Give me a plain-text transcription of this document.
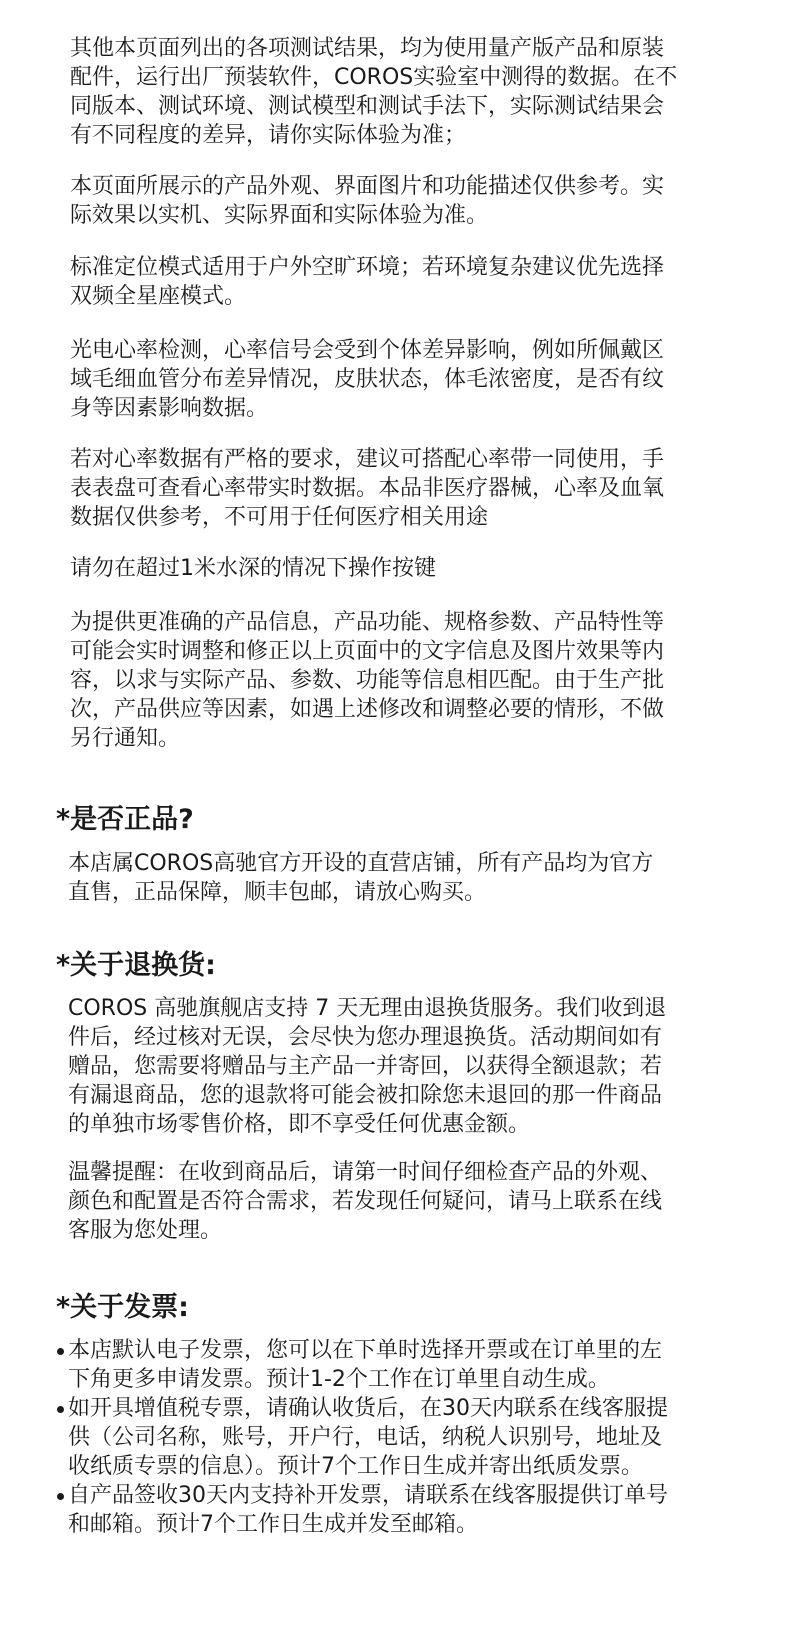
其他本页面列出的各项测试结果，均为使用量产版产品和原装
配件，运行出厂预装软件，COROS实验室中测得的数据。在不
同版本、测试环境、测试模型和测试手法下，实际测试结果会
有不同程度的差异，请你实际体验为准；

本页面所展示的产品外观、界面图片和功能描述仅供参考。实
际效果以实机、实际界面和实际体验为准。

标准定位模式适用于户外空旷环境；若环境复杂建议优先选择
双频全星座模式。

光电心率检测，心率信号会受到个体差异影响，例如所佩戴区
域毛细血管分布差异情况，皮肤状态，体毛浓密度，是否有纹
身等因素影响数据。

若对心率数据有严格的要求，建议可搭配心率带一同使用，手
表表盘可查看心率带实时数据。本品非医疗器械，心率及血氧
数据仅供参考，不可用于任何医疗相关用途

请勿在超过1米水深的情况下操作按键

为提供更准确的产品信息，产品功能、规格参数、产品特性等
可能会实时调整和修正以上页面中的文字信息及图片效果等内
容，以求与实际产品、参数、功能等信息相匹配。由于生产批
次，产品供应等因素，如遇上述修改和调整必要的情形，不做
另行通知。

*是否正品?

本店属COROS高驰官方开设的直营店铺，所有产品均为官方
直售，正品保障，顺丰包邮，请放心购买。

*关于退换货:

COROS 高驰旗舰店支持 7 天无理由退换货服务。我们收到退
件后，经过核对无误，会尽快为您办理退换货。活动期间如有
赠品，您需要将赠品与主产品一并寄回，以获得全额退款；若
有漏退商品，您的退款将可能会被扣除您未退回的那一件商品
的单独市场零售价格，即不享受任何优惠金额。

温馨提醒：在收到商品后，请第一时间仔细检查产品的外观、
颜色和配置是否符合需求，若发现任何疑问，请马上联系在线
客服为您处理。

*关于发票:
本店默认电子发票，您可以在下单时选择开票或在订单里的左
下角更多申请发票。预计1-2个工作在订单里自动生成。
如开具增值税专票，请确认收货后，在30天内联系在线客服提
供（公司名称，账号，开户行，电话，纳税人识别号，地址及
收纸质专票的信息）。预计7个工作日生成并寄出纸质发票。
自产品签收30天内支持补开发票，请联系在线客服提供订单号
和邮箱。预计7个工作日生成并发至邮箱。
